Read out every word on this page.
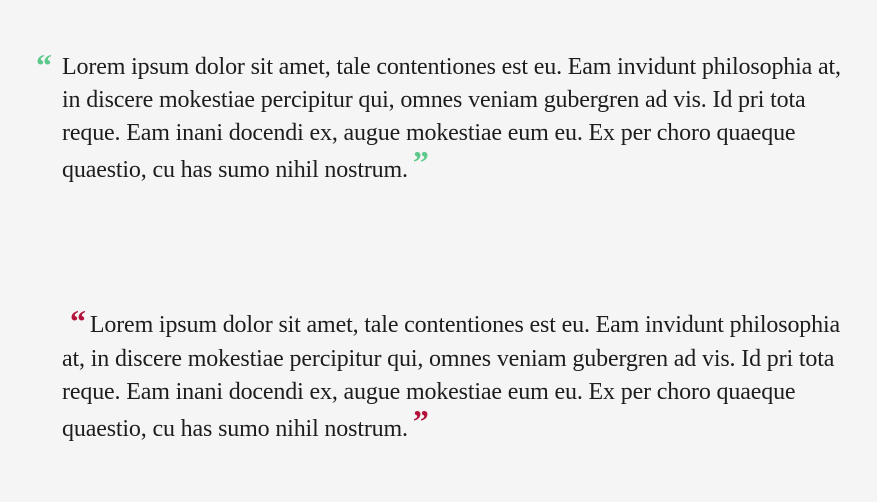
“ Lorem ipsum dolor sit amet, tale contentiones est eu. Eam invidunt philosophia at, in discere mokestiae percipitur qui, omnes veniam gubergren ad vis. Id pri tota reque. Eam inani docendi ex, augue mokestiae eum eu. Ex per choro quaeque quaestio, cu has sumo nihil nostrum. ”
“ Lorem ipsum dolor sit amet, tale contentiones est eu. Eam invidunt philosophia at, in discere mokestiae percipitur qui, omnes veniam gubergren ad vis. Id pri tota reque. Eam inani docendi ex, augue mokestiae eum eu. Ex per choro quaeque quaestio, cu has sumo nihil nostrum. ”
